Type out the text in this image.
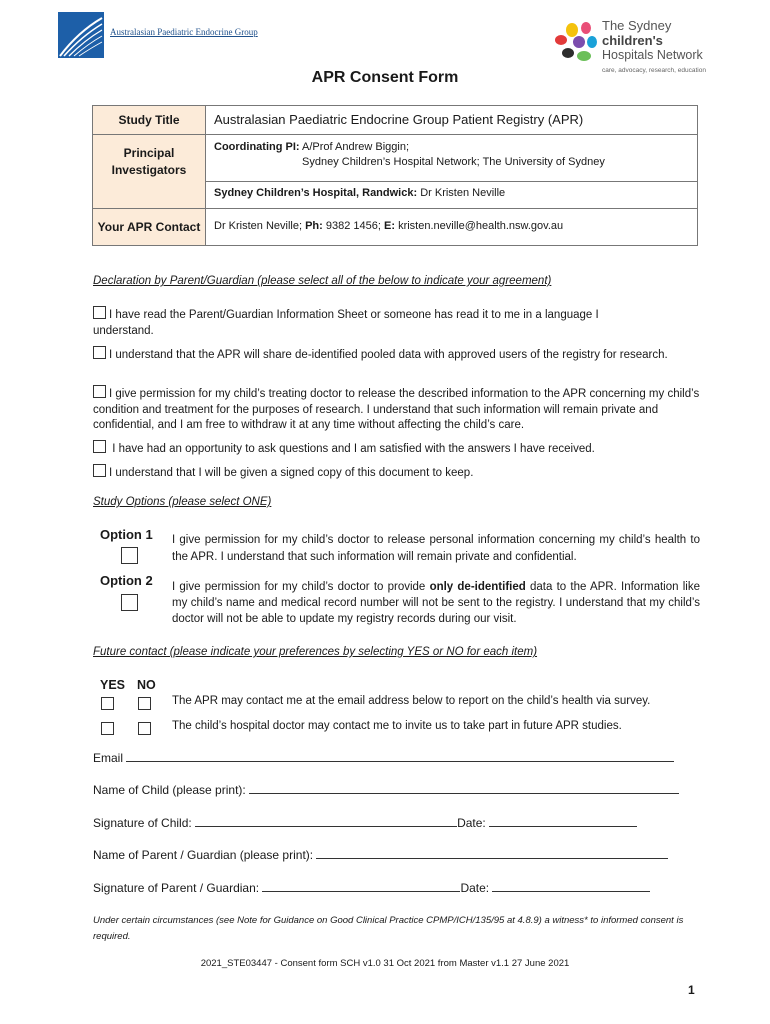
Australasian Paediatric Endocrine Group	The Sydney
children's
Hospitals Network
care, advocacy, research, education
APR Consent Form
Study Title	Australasian Paediatric Endocrine Group Patient Registry (APR)
Principal Investigators	Coordinating PI: A/Prof Andrew Biggin;
Sydney Children’s Hospital Network; The University of Sydney
	Sydney Children’s Hospital, Randwick: Dr Kristen Neville
Your APR Contact	Dr Kristen Neville; Ph: 9382 1456; E: kristen.neville@health.nsw.gov.au
Declaration by Parent/Guardian (please select all of the below to indicate your agreement)
I have read the Parent/Guardian Information Sheet or someone has read it to me in a language I understand.
I understand that the APR will share de-identified pooled data with approved users of the registry for research.
I give permission for my child’s treating doctor to release the described information to the APR concerning my child’s condition and treatment for the purposes of research. I understand that such information will remain private and confidential, and I am free to withdraw it at any time without affecting the child’s care.
I have had an opportunity to ask questions and I am satisfied with the answers I have received.
I understand that I will be given a signed copy of this document to keep.
Study Options (please select ONE)
Option 1 I give permission for my child’s doctor to release personal information concerning my child’s health to the APR. I understand that such information will remain private and confidential.
Option 2 I give permission for my child’s doctor to provide only de-identified data to the APR. Information like my child’s name and medical record number will not be sent to the registry. I understand that my child’s doctor will not be able to update my registry records during our visit.
Future contact (please indicate your preferences by selecting YES or NO for each item)
YES NO
The APR may contact me at the email address below to report on the child’s health via survey.
The child’s hospital doctor may contact me to invite us to take part in future APR studies.
Email
Name of Child (please print):
Signature of Child:	Date:
Name of Parent / Guardian (please print):
Signature of Parent / Guardian:	Date:
Under certain circumstances (see Note for Guidance on Good Clinical Practice CPMP/ICH/135/95 at 4.8.9) a witness* to informed consent is required.
2021_STE03447 - Consent form SCH v1.0 31 Oct 2021 from Master v1.1 27 June 2021
1
